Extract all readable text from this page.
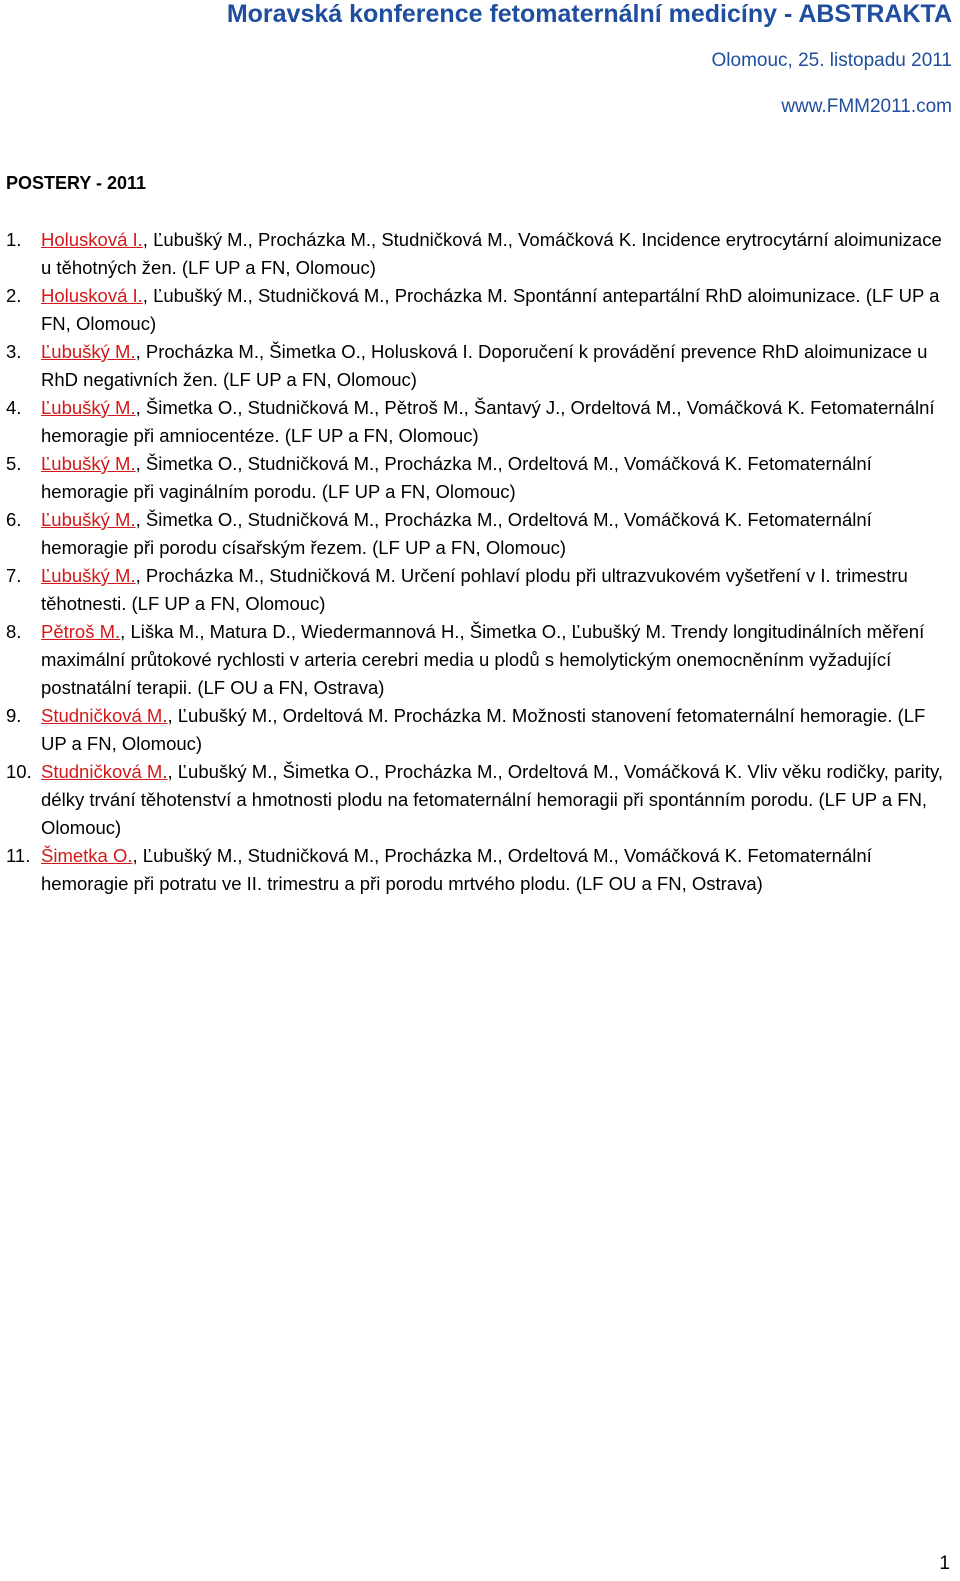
Moravská konference fetomaternální medicíny - ABSTRAKTA
Olomouc, 25. listopadu 2011
www.FMM2011.com
POSTERY - 2011
1. Holusková I., Ľubušký M., Procházka M., Studničková M., Vomáčková K. Incidence erytrocytární aloimunizace u těhotných žen. (LF UP a FN, Olomouc)
2. Holusková I., Ľubušký M., Studničková M., Procházka M. Spontánní antepartální RhD aloimunizace. (LF UP a FN, Olomouc)
3. Ľubušký M., Procházka M., Šimetka O., Holusková I. Doporučení k provádění prevence RhD aloimunizace u RhD negativních žen. (LF UP a FN, Olomouc)
4. Ľubušký M., Šimetka O., Studničková M., Pětroš M., Šantavý J., Ordeltová M., Vomáčková K. Fetomaternální hemoragie při amniocentéze. (LF UP a FN, Olomouc)
5. Ľubušký M., Šimetka O., Studničková M., Procházka M., Ordeltová M., Vomáčková K. Fetomaternální hemoragie při vaginálním porodu. (LF UP a FN, Olomouc)
6. Ľubušký M., Šimetka O., Studničková M., Procházka M., Ordeltová M., Vomáčková K. Fetomaternální hemoragie při porodu císařským řezem. (LF UP a FN, Olomouc)
7. Ľubušký M., Procházka M., Studničková M. Určení pohlaví plodu při ultrazvukovém vyšetření v I. trimestru těhotnesti. (LF UP a FN, Olomouc)
8. Pětroš M., Liška M., Matura D., Wiedermannová H., Šimetka O., Ľubušký M. Trendy longitudinálních měření maximální průtokové rychlosti v arteria cerebri media u plodů s hemolytickým onemocněnínm vyžadující postnatální terapii. (LF OU a FN, Ostrava)
9. Studničková M., Ľubušký M., Ordeltová M. Procházka M. Možnosti stanovení fetomaternální hemoragie. (LF UP a FN, Olomouc)
10. Studničková M., Ľubušký M., Šimetka O., Procházka M., Ordeltová M., Vomáčková K. Vliv věku rodičky, parity, délky trvání těhotenství a hmotnosti plodu na fetomaternální hemoragii při spontánním porodu. (LF UP a FN, Olomouc)
11. Šimetka O., Ľubušký M., Studničková M., Procházka M., Ordeltová M., Vomáčková K. Fetomaternální hemoragie při potratu ve II. trimestru a při porodu mrtvého plodu. (LF OU a FN, Ostrava)
1
